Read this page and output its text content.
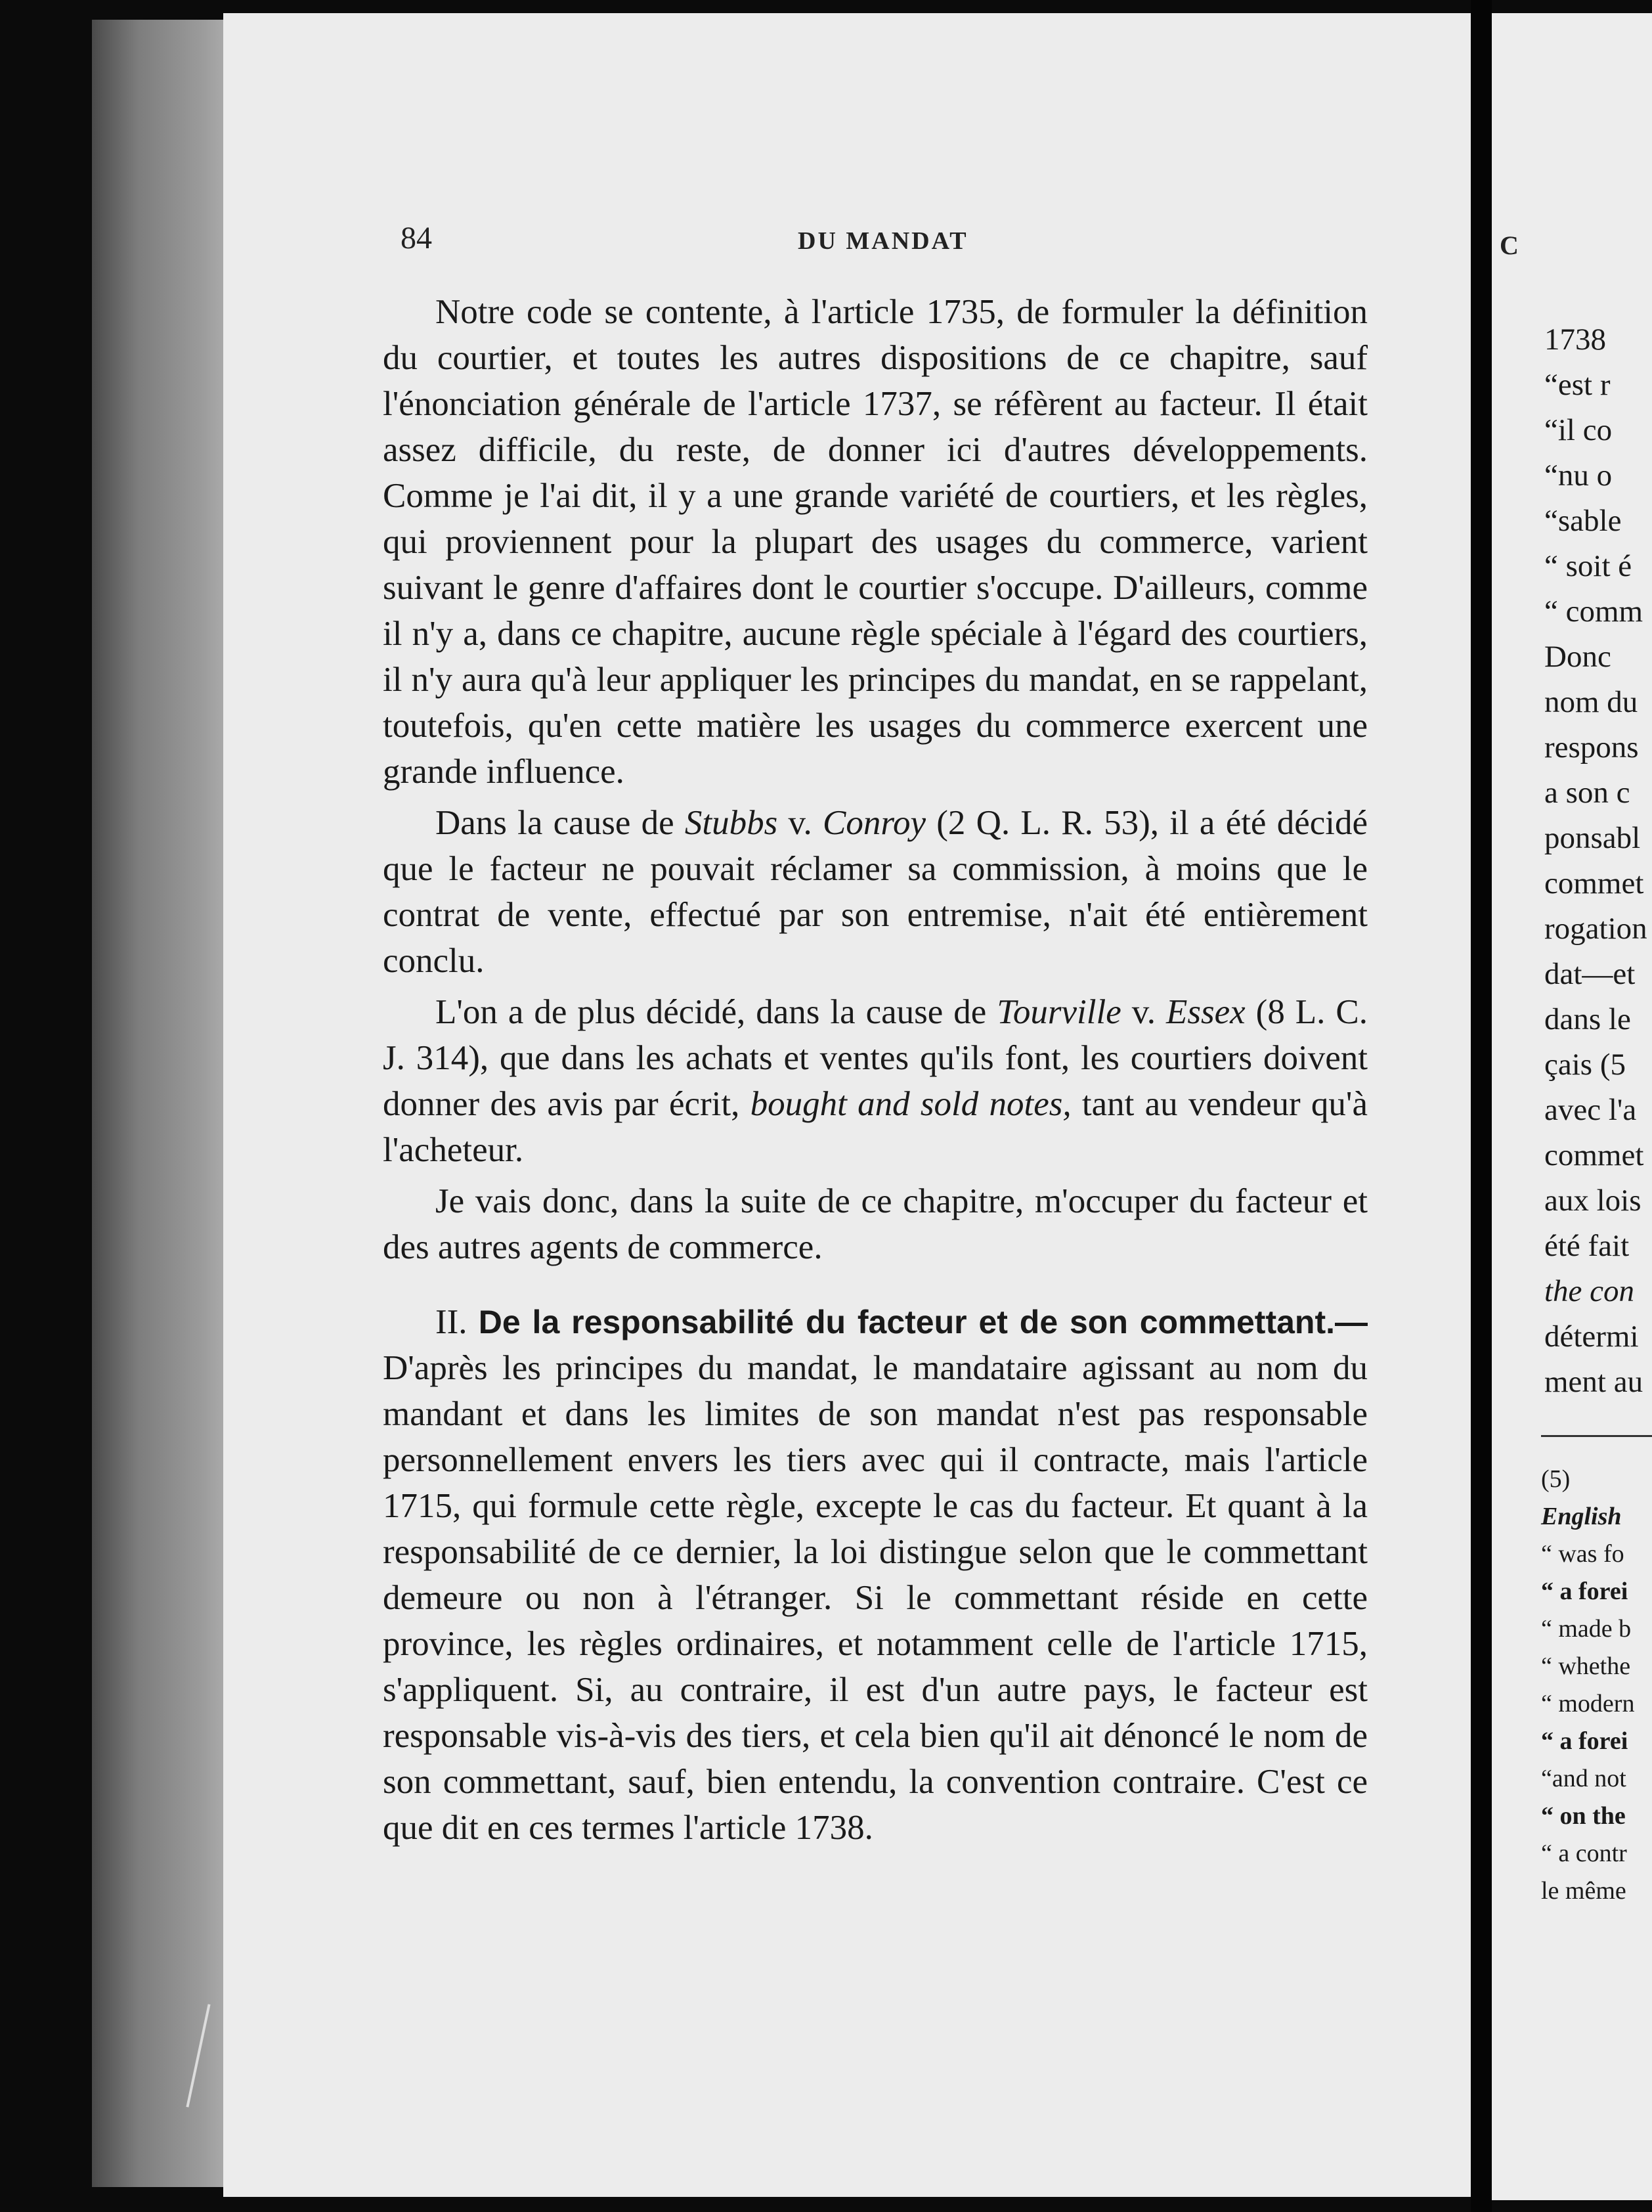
84	DU MANDAT

Notre code se contente, à l'article 1735, de formuler la définition du courtier, et toutes les autres dispositions de ce chapitre, sauf l'énonciation générale de l'article 1737, se réfèrent au facteur. Il était assez difficile, du reste, de donner ici d'autres développements. Comme je l'ai dit, il y a une grande variété de courtiers, et les règles, qui proviennent pour la plupart des usages du commerce, varient suivant le genre d'affaires dont le courtier s'occupe. D'ailleurs, comme il n'y a, dans ce chapitre, aucune règle spéciale à l'égard des courtiers, il n'y aura qu'à leur appliquer les principes du mandat, en se rappelant, toutefois, qu'en cette matière les usages du commerce exercent une grande influence.

Dans la cause de Stubbs v. Conroy (2 Q. L. R. 53), il a été décidé que le facteur ne pouvait réclamer sa commission, à moins que le contrat de vente, effectué par son entremise, n'ait été entièrement conclu.

L'on a de plus décidé, dans la cause de Tourville v. Essex (8 L. C. J. 314), que dans les achats et ventes qu'ils font, les courtiers doivent donner des avis par écrit, bought and sold notes, tant au vendeur qu'à l'acheteur.

Je vais donc, dans la suite de ce chapitre, m'occuper du facteur et des autres agents de commerce.

II. De la responsabilité du facteur et de son commettant.— D'après les principes du mandat, le mandataire agissant au nom du mandant et dans les limites de son mandat n'est pas responsable personnellement envers les tiers avec qui il contracte, mais l'article 1715, qui formule cette règle, excepte le cas du facteur. Et quant à la responsabilité de ce dernier, la loi distingue selon que le commettant demeure ou non à l'étranger. Si le commettant réside en cette province, les règles ordinaires, et notamment celle de l'article 1715, s'appliquent. Si, au contraire, il est d'un autre pays, le facteur est responsable vis-à-vis des tiers, et cela bien qu'il ait dénoncé le nom de son commettant, sauf, bien entendu, la convention contraire. C'est ce que dit en ces termes l'article 1738.

C
1738
“est r
“il co
“nu o
“sable
“ soit é
“ comm
Donc
nom du
respons
a son c
ponsabl
commet
rogation
dat—et
dans le
çais (5
avec l'a
commet
aux lois
été fait
the con
détermi
ment au
(5)
English
“ was fo
“ a forei
“ made b
“ whethe
“ modern
“ a forei
“and not
“ on the
“ a contr
le même
